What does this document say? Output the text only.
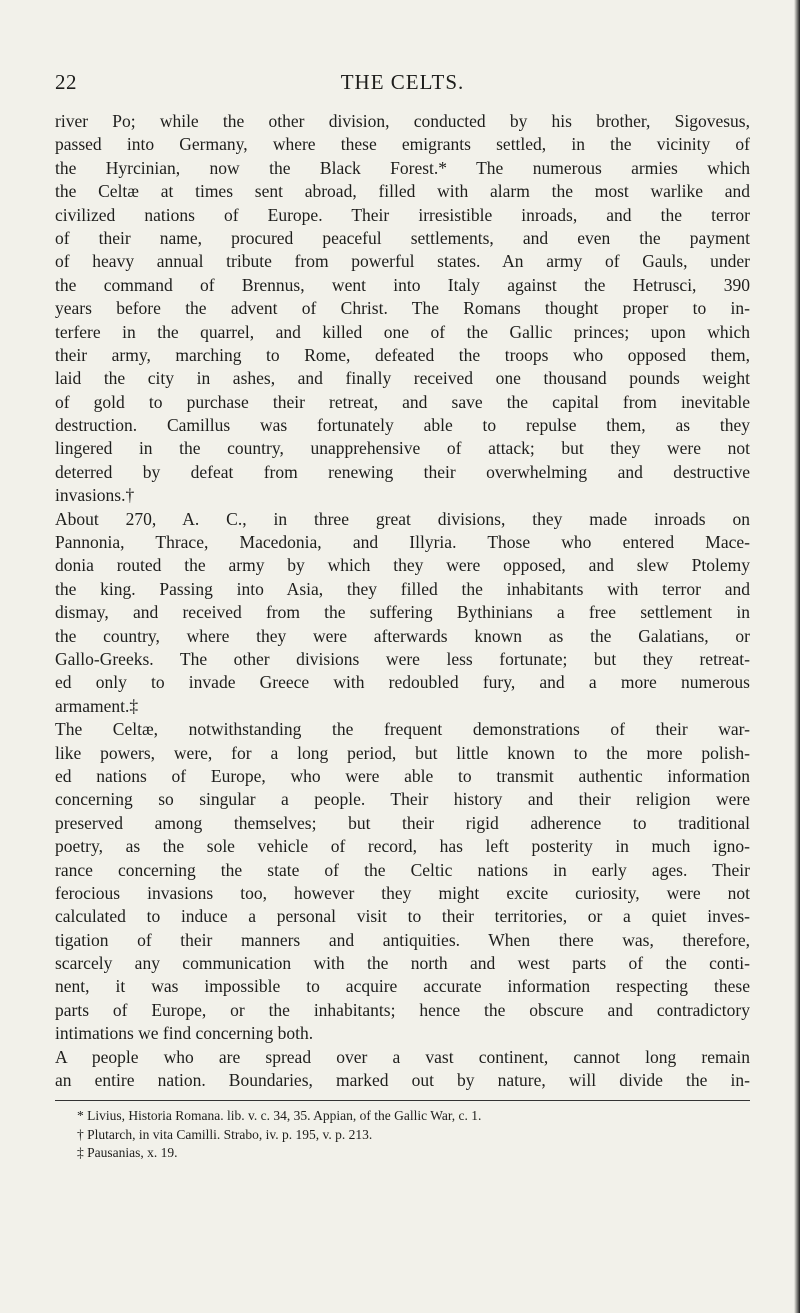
22	THE CELTS.
river Po; while the other division, conducted by his brother, Sigovesus,
passed into Germany, where these emigrants settled, in the vicinity of
the Hyrcinian, now the Black Forest.* The numerous armies which
the Celtæ at times sent abroad, filled with alarm the most warlike and
civilized nations of Europe. Their irresistible inroads, and the terror
of their name, procured peaceful settlements, and even the payment
of heavy annual tribute from powerful states. An army of Gauls, under
the command of Brennus, went into Italy against the Hetrusci, 390
years before the advent of Christ. The Romans thought proper to in-
terfere in the quarrel, and killed one of the Gallic princes; upon which
their army, marching to Rome, defeated the troops who opposed them,
laid the city in ashes, and finally received one thousand pounds weight
of gold to purchase their retreat, and save the capital from inevitable
destruction. Camillus was fortunately able to repulse them, as they
lingered in the country, unapprehensive of attack; but they were not
deterred by defeat from renewing their overwhelming and destructive
invasions.†
About 270, A. C., in three great divisions, they made inroads on
Pannonia, Thrace, Macedonia, and Illyria. Those who entered Mace-
donia routed the army by which they were opposed, and slew Ptolemy
the king. Passing into Asia, they filled the inhabitants with terror and
dismay, and received from the suffering Bythinians a free settlement in
the country, where they were afterwards known as the Galatians, or
Gallo-Greeks. The other divisions were less fortunate; but they retreat-
ed only to invade Greece with redoubled fury, and a more numerous
armament.‡
The Celtæ, notwithstanding the frequent demonstrations of their war-
like powers, were, for a long period, but little known to the more polish-
ed nations of Europe, who were able to transmit authentic information
concerning so singular a people. Their history and their religion were
preserved among themselves; but their rigid adherence to traditional
poetry, as the sole vehicle of record, has left posterity in much igno-
rance concerning the state of the Celtic nations in early ages. Their
ferocious invasions too, however they might excite curiosity, were not
calculated to induce a personal visit to their territories, or a quiet inves-
tigation of their manners and antiquities. When there was, therefore,
scarcely any communication with the north and west parts of the conti-
nent, it was impossible to acquire accurate information respecting these
parts of Europe, or the inhabitants; hence the obscure and contradictory
intimations we find concerning both.
A people who are spread over a vast continent, cannot long remain
an entire nation. Boundaries, marked out by nature, will divide the in-
* Livius, Historia Romana. lib. v. c. 34, 35. Appian, of the Gallic War, c. 1.
† Plutarch, in vita Camilli. Strabo, iv. p. 195, v. p. 213.
‡ Pausanias, x. 19.
